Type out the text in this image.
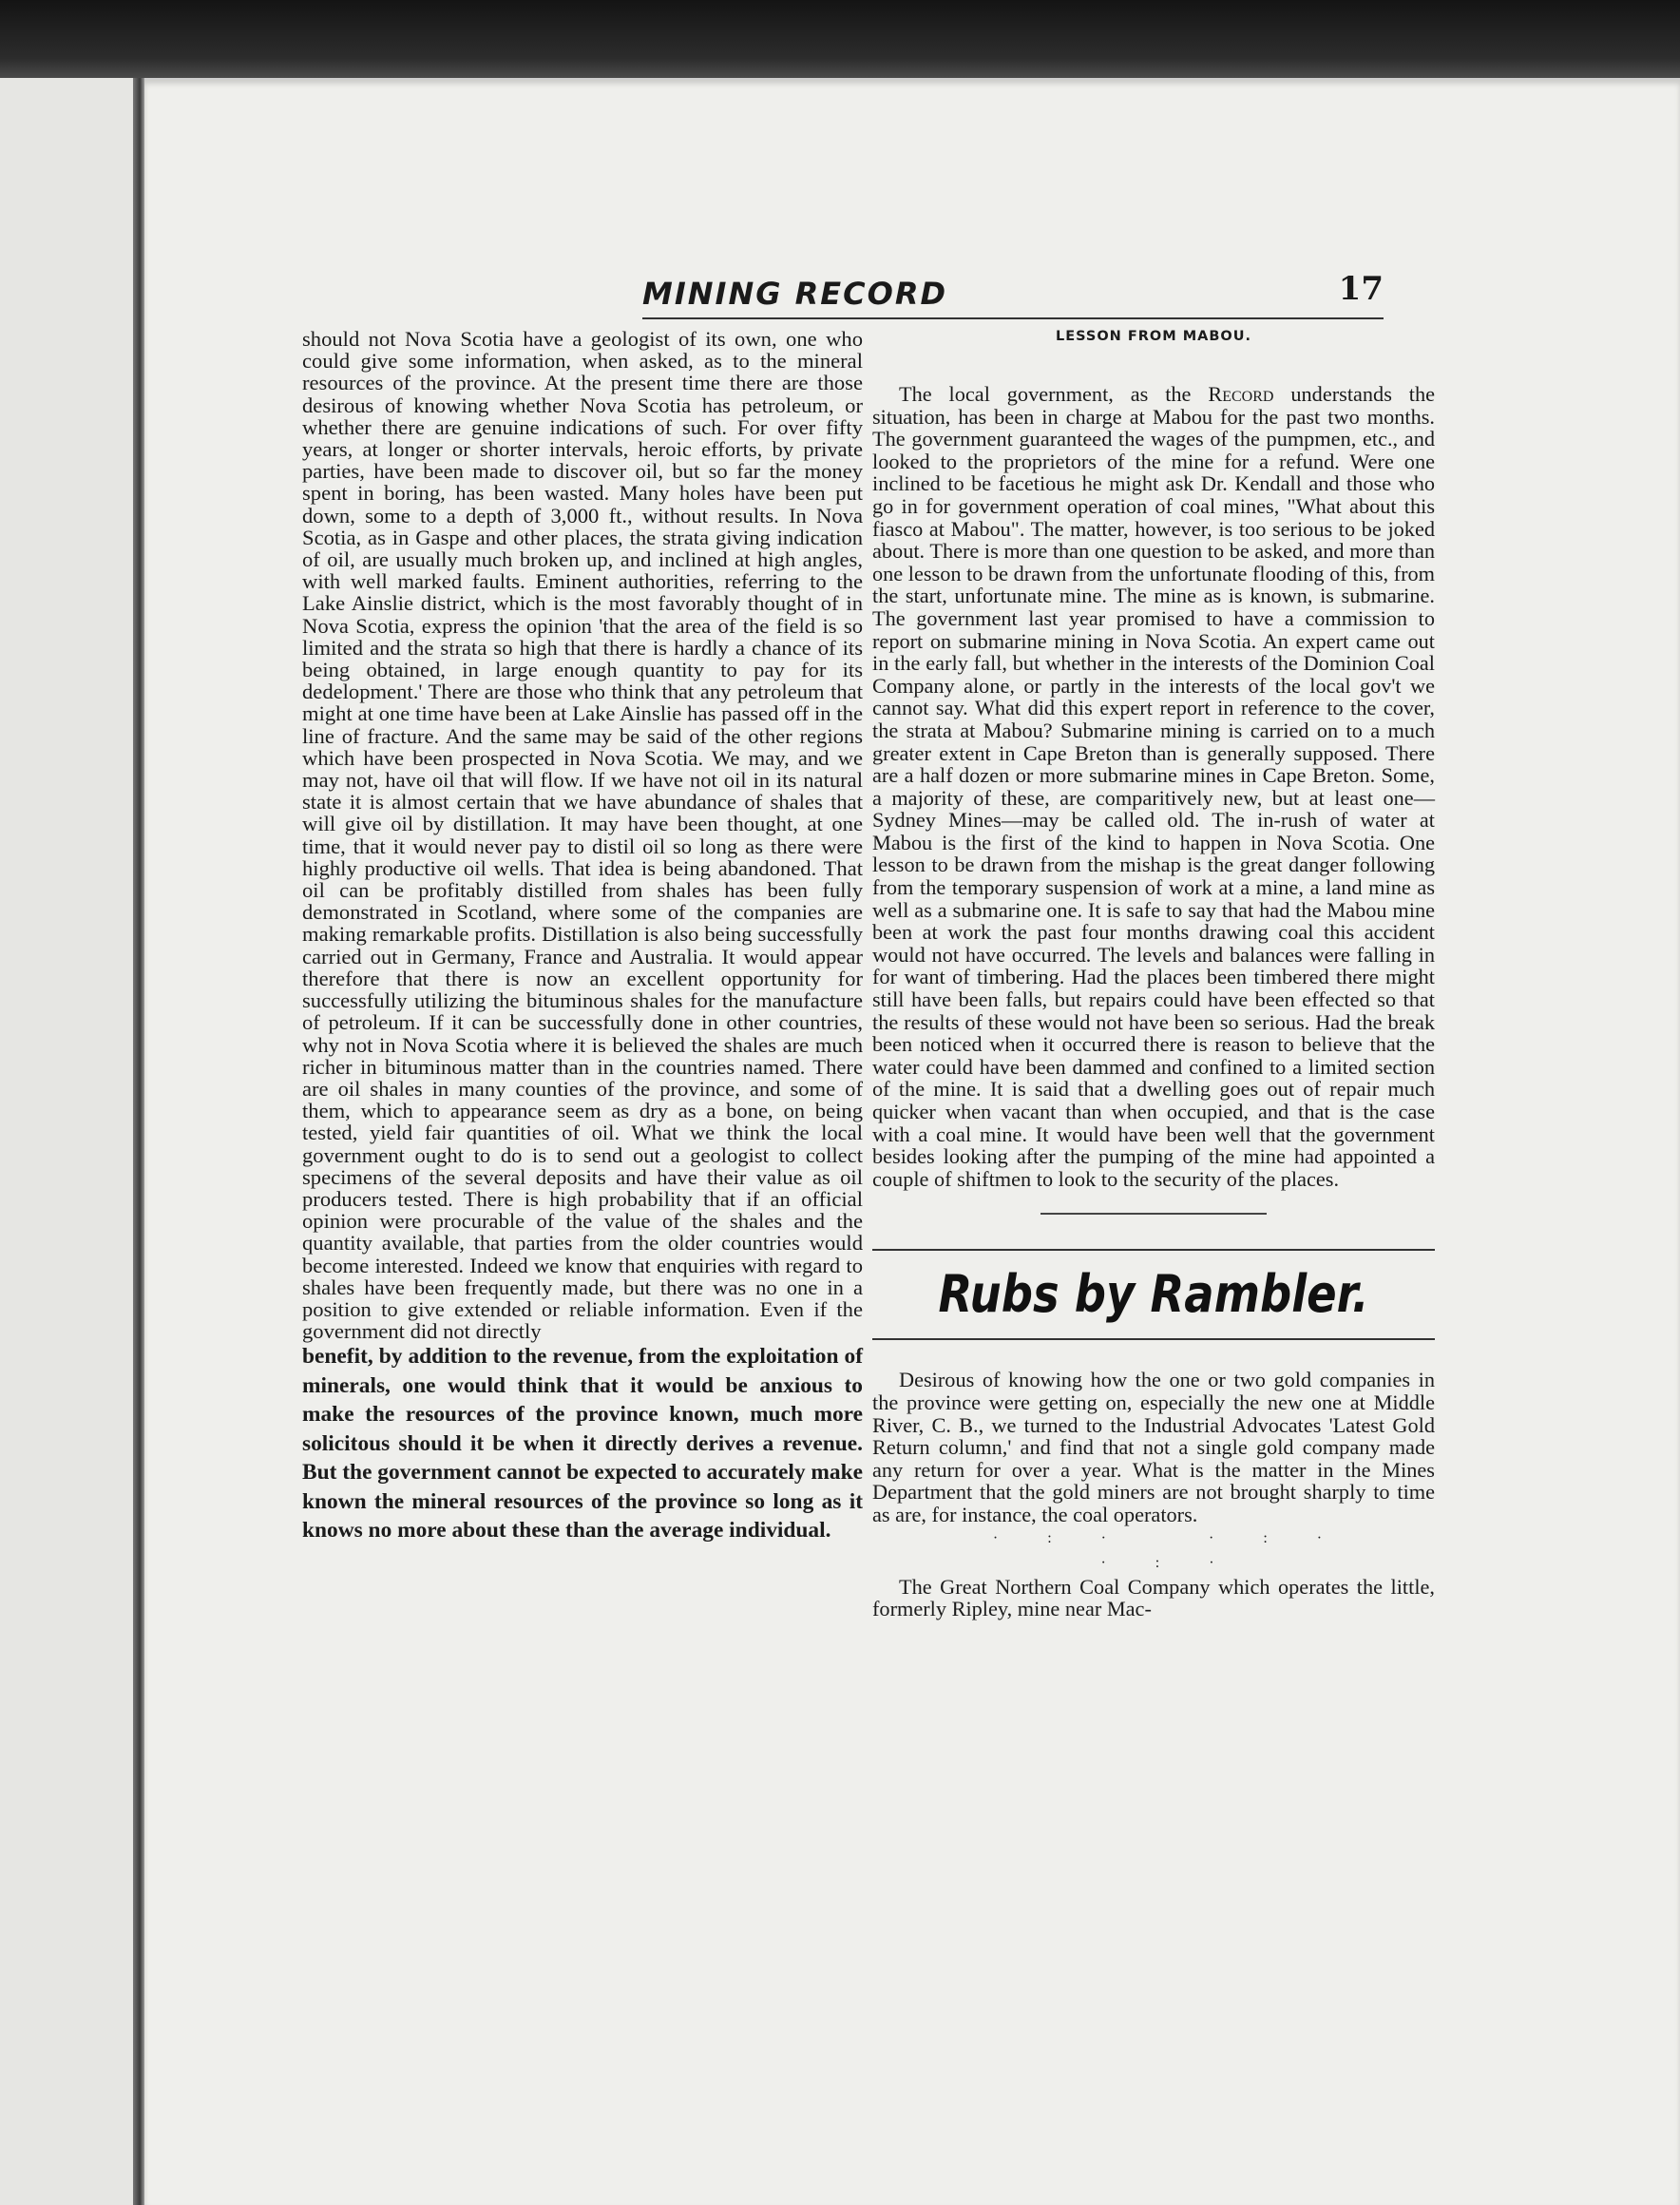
MINING RECORD	17

should not Nova Scotia have a geologist of its own, one who could give some information, when asked, as to the mineral resources of the province. At the present time there are those desirous of knowing whether Nova Scotia has petroleum, or whether there are genuine indications of such. For over fifty years, at longer or shorter intervals, heroic efforts, by private parties, have been made to discover oil, but so far the money spent in boring, has been wasted. Many holes have been put down, some to a depth of 3,000 ft., without results. In Nova Scotia, as in Gaspe and other places, the strata giving indication of oil, are usually much broken up, and inclined at high angles, with well marked faults. Eminent authorities, referring to the Lake Ainslie district, which is the most favorably thought of in Nova Scotia, express the opinion 'that the area of the field is so limited and the strata so high that there is hardly a chance of its being obtained, in large enough quantity to pay for its dedelopment.' There are those who think that any petroleum that might at one time have been at Lake Ainslie has passed off in the line of fracture. And the same may be said of the other regions which have been prospected in Nova Scotia. We may, and we may not, have oil that will flow. If we have not oil in its natural state it is almost certain that we have abundance of shales that will give oil by distillation. It may have been thought, at one time, that it would never pay to distil oil so long as there were highly productive oil wells. That idea is being abandoned. That oil can be profitably distilled from shales has been fully demonstrated in Scotland, where some of the companies are making remarkable profits. Distillation is also being successfully carried out in Germany, France and Australia. It would appear therefore that there is now an excellent opportunity for successfully utilizing the bituminous shales for the manufacture of petroleum. If it can be successfully done in other countries, why not in Nova Scotia where it is believed the shales are much richer in bituminous matter than in the countries named. There are oil shales in many counties of the province, and some of them, which to appearance seem as dry as a bone, on being tested, yield fair quantities of oil. What we think the local government ought to do is to send out a geologist to collect specimens of the several deposits and have their value as oil producers tested. There is high probability that if an official opinion were procurable of the value of the shales and the quantity available, that parties from the older countries would become interested. Indeed we know that enquiries with regard to shales have been frequently made, but there was no one in a position to give extended or reliable information. Even if the government did not directly

benefit, by addition to the revenue, from the exploitation of minerals, one would think that it would be anxious to make the resources of the province known, much more solicitous should it be when it directly derives a revenue. But the government cannot be expected to accurately make known the mineral resources of the province so long as it knows no more about these than the average individual.

LESSON FROM MABOU.

The local government, as the Record understands the situation, has been in charge at Mabou for the past two months. The government guaranteed the wages of the pumpmen, etc., and looked to the proprietors of the mine for a refund. Were one inclined to be facetious he might ask Dr. Kendall and those who go in for government operation of coal mines, "What about this fiasco at Mabou". The matter, however, is too serious to be joked about. There is more than one question to be asked, and more than one lesson to be drawn from the unfortunate flooding of this, from the start, unfortunate mine. The mine as is known, is submarine. The government last year promised to have a commission to report on submarine mining in Nova Scotia. An expert came out in the early fall, but whether in the interests of the Dominion Coal Company alone, or partly in the interests of the local gov't we cannot say. What did this expert report in reference to the cover, the strata at Mabou? Submarine mining is carried on to a much greater extent in Cape Breton than is generally supposed. There are a half dozen or more submarine mines in Cape Breton. Some, a majority of these, are comparitively new, but at least one—Sydney Mines—may be called old. The in-rush of water at Mabou is the first of the kind to happen in Nova Scotia. One lesson to be drawn from the mishap is the great danger following from the temporary suspension of work at a mine, a land mine as well as a submarine one. It is safe to say that had the Mabou mine been at work the past four months drawing coal this accident would not have occurred. The levels and balances were falling in for want of timbering. Had the places been timbered there might still have been falls, but repairs could have been effected so that the results of these would not have been so serious. Had the break been noticed when it occurred there is reason to believe that the water could have been dammed and confined to a limited section of the mine. It is said that a dwelling goes out of repair much quicker when vacant than when occupied, and that is the case with a coal mine. It would have been well that the government besides looking after the pumping of the mine had appointed a couple of shiftmen to look to the security of the places.

Rubs by Rambler.

Desirous of knowing how the one or two gold companies in the province were getting on, especially the new one at Middle River, C. B., we turned to the Industrial Advocates 'Latest Gold Return column,' and find that not a single gold company made any return for over a year. What is the matter in the Mines Department that the gold miners are not brought sharply to time as are, for instance, the coal operators.

·:· ·:· ·:·

The Great Northern Coal Company which operates the little, formerly Ripley, mine near Mac-
